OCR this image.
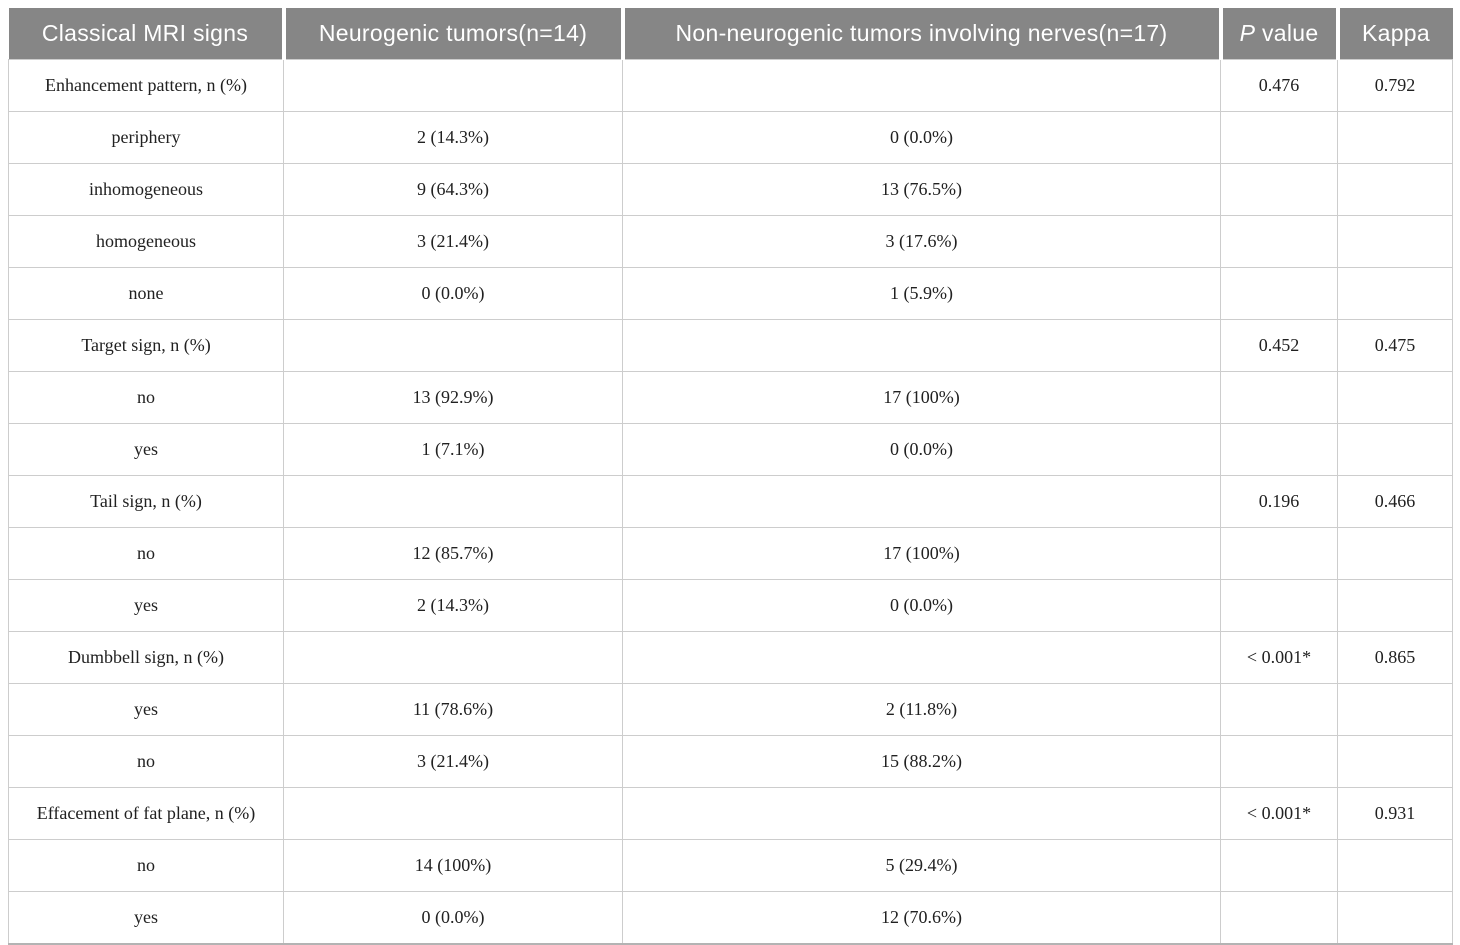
Classical MRI signs	Neurogenic tumors(n=14)	Non-neurogenic tumors involving nerves(n=17)	P value	Kappa
Enhancement pattern, n (%)			0.476	0.792
periphery	2 (14.3%)	0 (0.0%)		
inhomogeneous	9 (64.3%)	13 (76.5%)		
homogeneous	3 (21.4%)	3 (17.6%)		
none	0 (0.0%)	1 (5.9%)		
Target sign, n (%)			0.452	0.475
no	13 (92.9%)	17 (100%)		
yes	1 (7.1%)	0 (0.0%)		
Tail sign, n (%)			0.196	0.466
no	12 (85.7%)	17 (100%)		
yes	2 (14.3%)	0 (0.0%)		
Dumbbell sign, n (%)			< 0.001*	0.865
yes	11 (78.6%)	2 (11.8%)		
no	3 (21.4%)	15 (88.2%)		
Effacement of fat plane, n (%)			< 0.001*	0.931
no	14 (100%)	5 (29.4%)		
yes	0 (0.0%)	12 (70.6%)		
